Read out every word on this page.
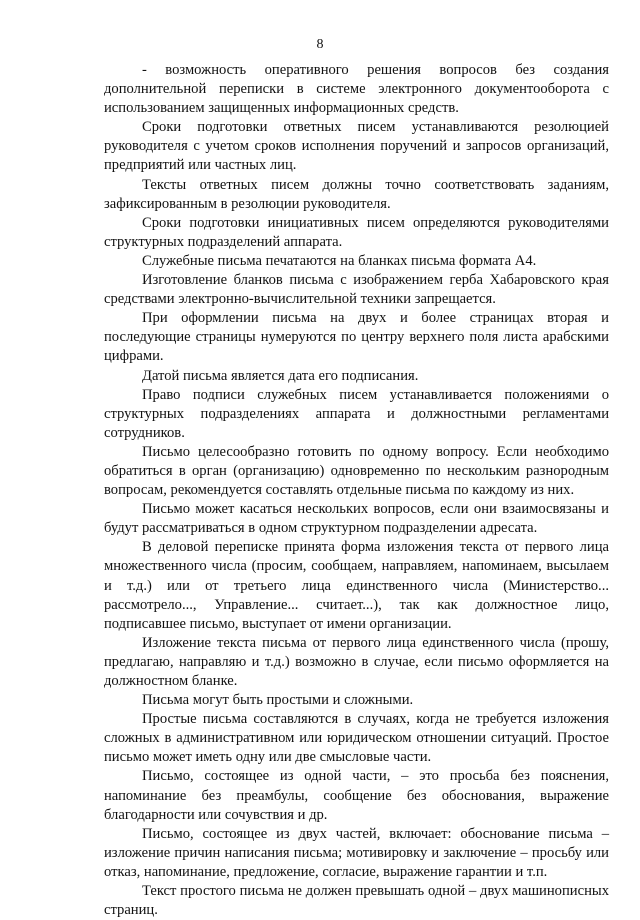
8

- возможность оперативного решения вопросов без создания дополнительной переписки в системе электронного документооборота с использованием защищенных информационных средств.

Сроки подготовки ответных писем устанавливаются резолюцией руководителя с учетом сроков исполнения поручений и запросов организаций, предприятий или частных лиц.

Тексты ответных писем должны точно соответствовать заданиям, зафиксированным в резолюции руководителя.

Сроки подготовки инициативных писем определяются руководителями структурных подразделений аппарата.

Служебные письма печатаются на бланках письма формата А4.

Изготовление бланков письма с изображением герба Хабаровского края средствами электронно-вычислительной техники запрещается.

При оформлении письма на двух и более страницах вторая и последующие страницы нумеруются по центру верхнего поля листа арабскими цифрами.

Датой письма является дата его подписания.

Право подписи служебных писем устанавливается положениями о структурных подразделениях аппарата и должностными регламентами сотрудников.

Письмо целесообразно готовить по одному вопросу. Если необходимо обратиться в орган (организацию) одновременно по нескольким разнородным вопросам, рекомендуется составлять отдельные письма по каждому из них.

Письмо может касаться нескольких вопросов, если они взаимосвязаны и будут рассматриваться в одном структурном подразделении адресата.

В деловой переписке принята форма изложения текста от первого лица множественного числа (просим, сообщаем, направляем, напоминаем, высылаем и т.д.) или от третьего лица единственного числа (Министерство... рассмотрело..., Управление... считает...), так как должностное лицо, подписавшее письмо, выступает от имени организации.

Изложение текста письма от первого лица единственного числа (прошу, предлагаю, направляю и т.д.) возможно в случае, если письмо оформляется на должностном бланке.

Письма могут быть простыми и сложными.

Простые письма составляются в случаях, когда не требуется изложения сложных в административном или юридическом отношении ситуаций. Простое письмо может иметь одну или две смысловые части.

Письмо, состоящее из одной части, – это просьба без пояснения, напоминание без преамбулы, сообщение без обоснования, выражение благодарности или сочувствия и др.

Письмо, состоящее из двух частей, включает: обоснование письма – изложение причин написания письма; мотивировку и заключение – просьбу или отказ, напоминание, предложение, согласие, выражение гарантии и т.п.

Текст простого письма не должен превышать одной – двух машинописных страниц.
